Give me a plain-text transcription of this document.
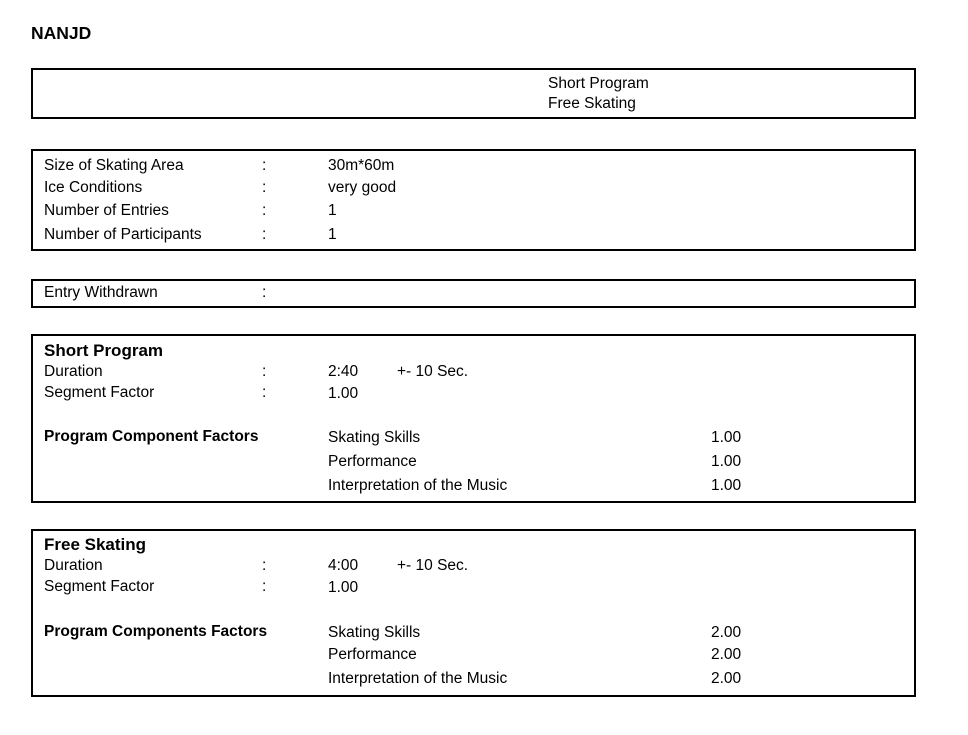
NANJD
Short Program
Free Skating
Size of Skating Area	:	30m*60m
Ice Conditions	:	very good
Number of Entries	:	1
Number of Participants	:	1
Entry Withdrawn	:
Short Program
Duration	:	2:40	+- 10 Sec.
Segment Factor	:	1.00
Program Component Factors	Skating Skills	1.00
Performance	1.00
Interpretation of the Music	1.00
Free Skating
Duration	:	4:00	+- 10 Sec.
Segment Factor	:	1.00
Program Components Factors	Skating Skills	2.00
Performance	2.00
Interpretation of the Music	2.00
